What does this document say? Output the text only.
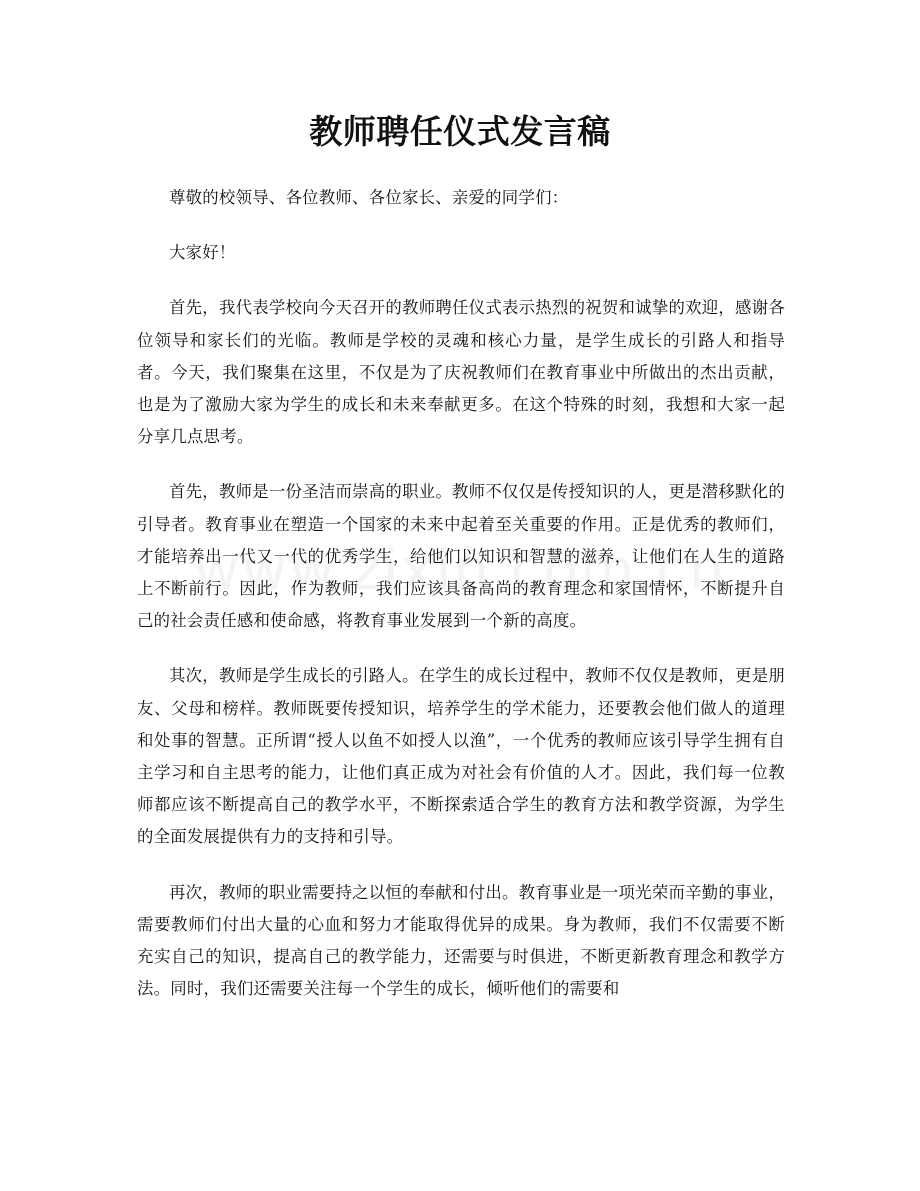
教师聘任仪式发言稿

尊敬的校领导、各位教师、各位家长、亲爱的同学们：

大家好！

首先，我代表学校向今天召开的教师聘任仪式表示热烈的祝贺和诚挚的欢迎，感谢各位领导和家长们的光临。教师是学校的灵魂和核心力量，是学生成长的引路人和指导者。今天，我们聚集在这里，不仅是为了庆祝教师们在教育事业中所做出的杰出贡献，也是为了激励大家为学生的成长和未来奉献更多。在这个特殊的时刻，我想和大家一起分享几点思考。

首先，教师是一份圣洁而崇高的职业。教师不仅仅是传授知识的人，更是潜移默化的引导者。教育事业在塑造一个国家的未来中起着至关重要的作用。正是优秀的教师们，才能培养出一代又一代的优秀学生，给他们以知识和智慧的滋养，让他们在人生的道路上不断前行。因此，作为教师，我们应该具备高尚的教育理念和家国情怀，不断提升自己的社会责任感和使命感，将教育事业发展到一个新的高度。

其次，教师是学生成长的引路人。在学生的成长过程中，教师不仅仅是教师，更是朋友、父母和榜样。教师既要传授知识，培养学生的学术能力，还要教会他们做人的道理和处事的智慧。正所谓“授人以鱼不如授人以渔”，一个优秀的教师应该引导学生拥有自主学习和自主思考的能力，让他们真正成为对社会有价值的人才。因此，我们每一位教师都应该不断提高自己的教学水平，不断探索适合学生的教育方法和教学资源，为学生的全面发展提供有力的支持和引导。

再次，教师的职业需要持之以恒的奉献和付出。教育事业是一项光荣而辛勤的事业，需要教师们付出大量的心血和努力才能取得优异的成果。身为教师，我们不仅需要不断充实自己的知识，提高自己的教学能力，还需要与时俱进，不断更新教育理念和教学方法。同时，我们还需要关注每一个学生的成长，倾听他们的需要和
